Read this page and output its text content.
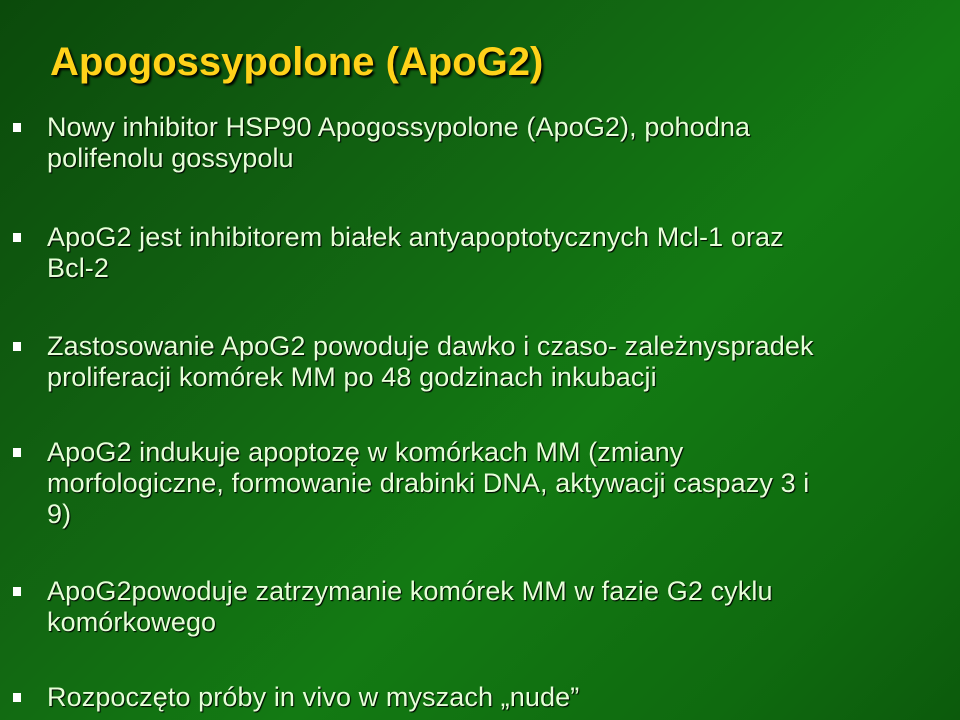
Apogossypolone (ApoG2)
Nowy inhibitor HSP90 Apogossypolone (ApoG2), pohodna
polifenolu gossypolu
ApoG2 jest inhibitorem białek antyapoptotycznych Mcl-1 oraz
Bcl-2
Zastosowanie ApoG2 powoduje dawko i czaso- zależnyspradek
proliferacji komórek MM po 48 godzinach inkubacji
ApoG2 indukuje apoptozę w komórkach MM (zmiany
morfologiczne, formowanie drabinki DNA, aktywacji caspazy 3 i
9)
ApoG2powoduje zatrzymanie komórek MM w fazie G2 cyklu
komórkowego
Rozpoczęto próby in vivo w myszach „nude”
